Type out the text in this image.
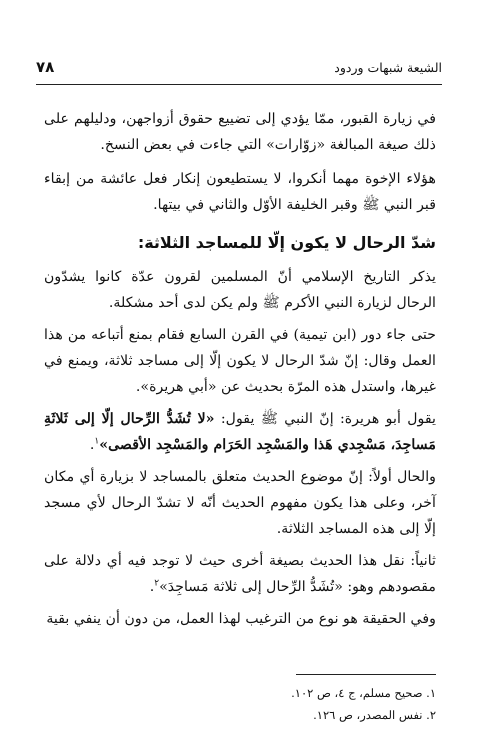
الشيعة شبهات وردود
٧٨

في زيارة القبور، ممّا يؤدي إلى تضييع حقوق أزواجهن، ودليلهم على ذلك صيغة المبالغة «زوّارات» التي جاءت في بعض النسخ.

هؤلاء الإخوة مهما أنكروا، لا يستطيعون إنكار فعل عائشة من إبقاء قبر النبي ﷺ وقبر الخليفة الأوّل والثاني في بيتها.

شدّ الرحال لا يكون إلّا للمساجد الثلاثة:

يذكر التاريخ الإسلامي أنّ المسلمين لقرون عدّة كانوا يشدّون الرحال لزيارة النبي الأكرم ﷺ ولم يكن لدى أحد مشكلة.

حتى جاء دور (ابن تيمية) في القرن السابع فقام بمنع أتباعه من هذا العمل وقال: إنّ شدّ الرحال لا يكون إلّا إلى مساجد ثلاثة، ويمنع في غيرها، واستدل هذه المرّة بحديث عن «أبي هريرة».

يقول أبو هريرة: إنّ النبي ﷺ يقول: «لا تُشَدُّ الرِّحال إلّا إلى ثَلاثَةِ مَساجِدَ، مَسْجِدي هَذا والمَسْجِد الحَرَام والمَسْجِد الأقصى»$^١$.

والحال أولاً: إنّ موضوع الحديث متعلق بالمساجد لا بزيارة أي مكان آخر، وعلى هذا يكون مفهوم الحديث أنّه لا تشدّ الرحال لأي مسجد إلّا إلى هذه المساجد الثلاثة.

ثانياً: نقل هذا الحديث بصيغة أخرى حيث لا توجد فيه أي دلالة على مقصودهم وهو: «تُشَدُّ الرِّحال إلى ثلاثة مَساجِدَ»$^٢$.

وفي الحقيقة هو نوع من الترغيب لهذا العمل، من دون أن ينفي بقية

١. صحيح مسلم، ج ٤، ص ١٠٢.
٢. نفس المصدر، ص ١٢٦.
